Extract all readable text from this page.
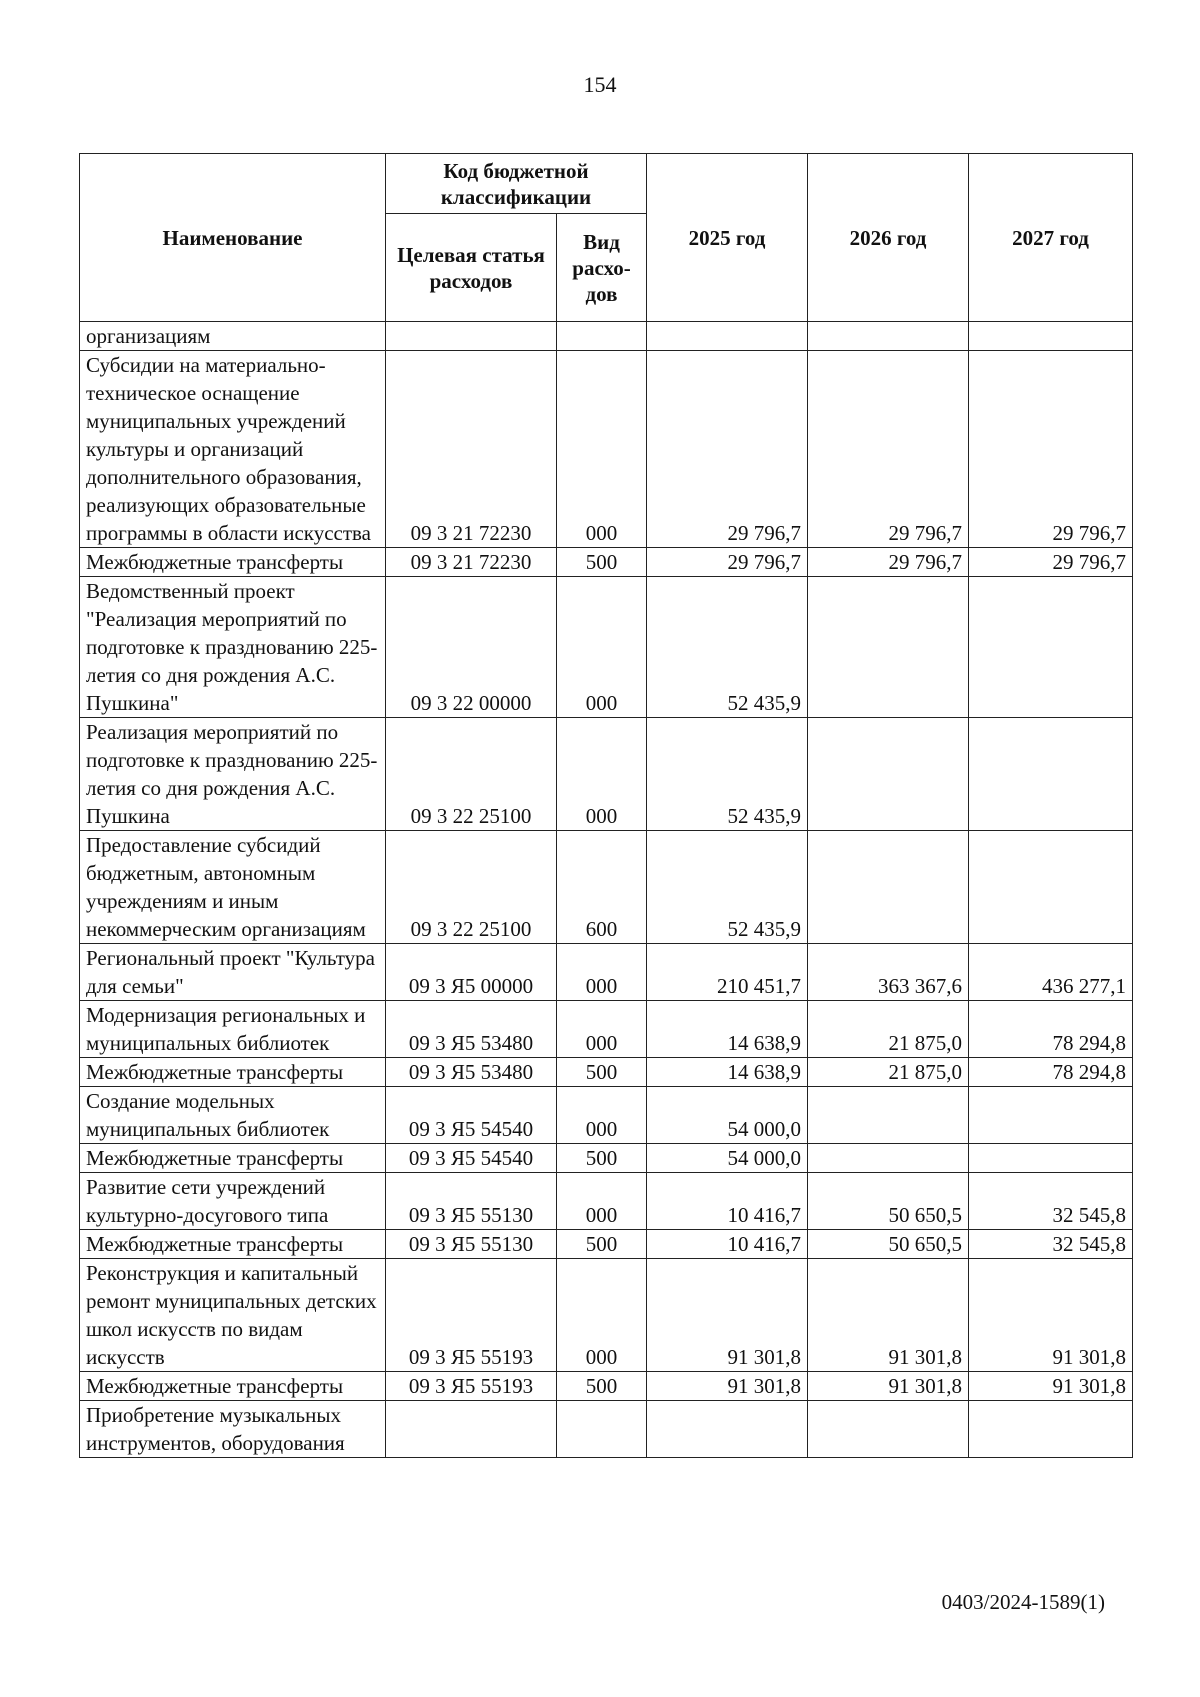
154
Наименование	Код бюджетной классификации		2025 год	2026 год	2027 год
	Целевая статья расходов	Вид расхо-дов			
организациям					
Субсидии на материально-техническое оснащение муниципальных учреждений культуры и организаций дополнительного образования, реализующих образовательные программы в области искусства	09 3 21 72230	000	29 796,7	29 796,7	29 796,7
Межбюджетные трансферты	09 3 21 72230	500	29 796,7	29 796,7	29 796,7
Ведомственный проект "Реализация мероприятий по подготовке к празднованию 225-летия со дня рождения А.С. Пушкина"	09 3 22 00000	000	52 435,9		
Реализация мероприятий по подготовке к празднованию 225-летия со дня рождения А.С. Пушкина	09 3 22 25100	000	52 435,9		
Предоставление субсидий бюджетным, автономным учреждениям и иным некоммерческим организациям	09 3 22 25100	600	52 435,9		
Региональный проект "Культура для семьи"	09 3 Я5 00000	000	210 451,7	363 367,6	436 277,1
Модернизация региональных и муниципальных библиотек	09 3 Я5 53480	000	14 638,9	21 875,0	78 294,8
Межбюджетные трансферты	09 3 Я5 53480	500	14 638,9	21 875,0	78 294,8
Создание модельных муниципальных библиотек	09 3 Я5 54540	000	54 000,0		
Межбюджетные трансферты	09 3 Я5 54540	500	54 000,0		
Развитие сети учреждений культурно-досугового типа	09 3 Я5 55130	000	10 416,7	50 650,5	32 545,8
Межбюджетные трансферты	09 3 Я5 55130	500	10 416,7	50 650,5	32 545,8
Реконструкция и капитальный ремонт муниципальных детских школ искусств по видам искусств	09 3 Я5 55193	000	91 301,8	91 301,8	91 301,8
Межбюджетные трансферты	09 3 Я5 55193	500	91 301,8	91 301,8	91 301,8
Приобретение музыкальных инструментов, оборудования					
0403/2024-1589(1)
